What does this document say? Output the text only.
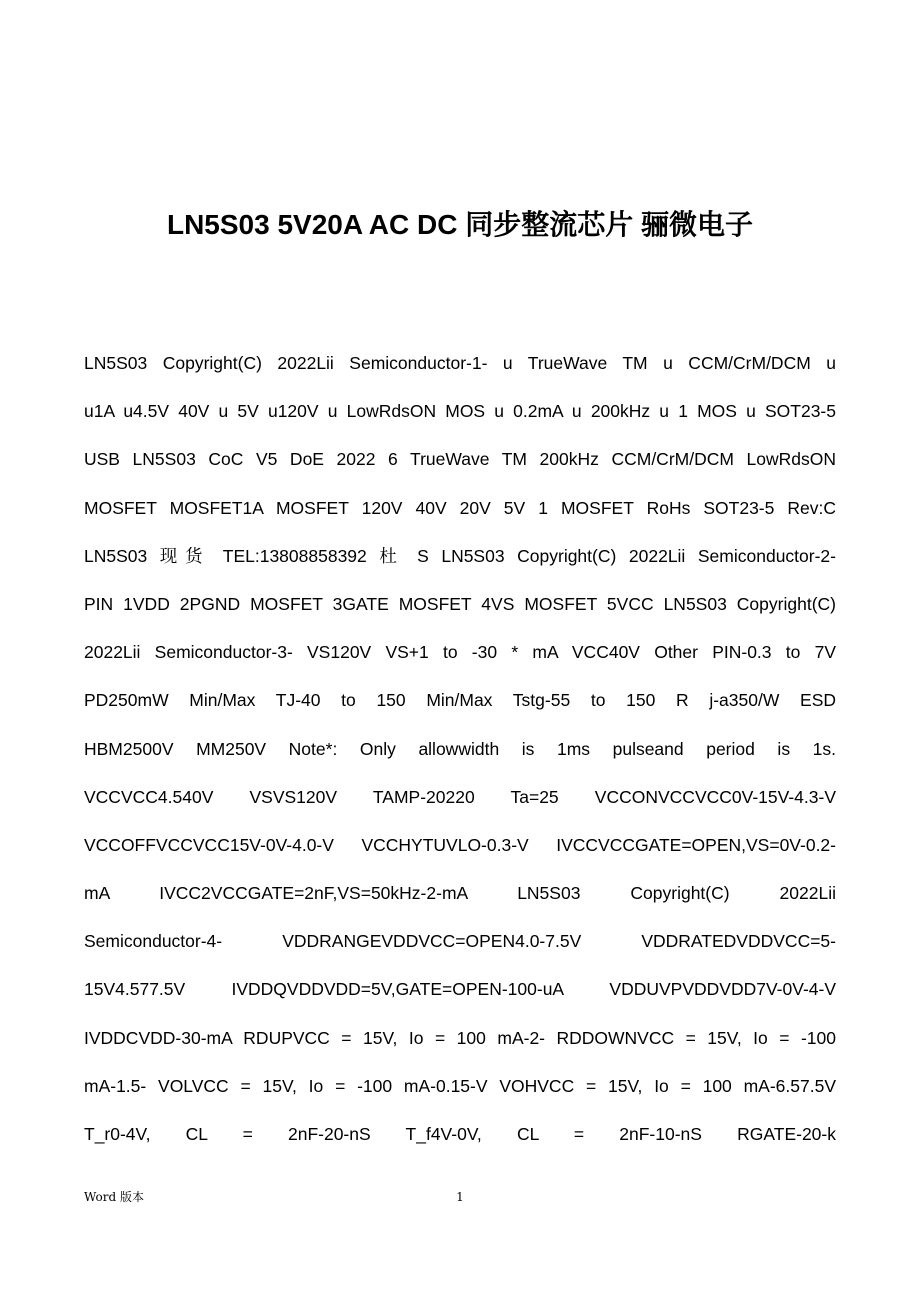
LN5S03 5V20A AC DC 同步整流芯片 骊微电子
LN5S03 Copyright(C) 2022Lii Semiconductor-1- u TrueWave TM u CCM/CrM/DCM u
u1A u4.5V 40V u 5V u120V u LowRdsON MOS u 0.2mA u 200kHz u 1 MOS u SOT23-5
USB LN5S03 CoC V5 DoE 2022 6 TrueWave TM 200kHz CCM/CrM/DCM LowRdsON
MOSFET MOSFET1A MOSFET 120V 40V 20V 5V 1 MOSFET RoHs SOT23-5 Rev:C
LN5S03 现货 TEL:13808858392 杜 S LN5S03 Copyright(C) 2022Lii Semiconductor-2-
PIN 1VDD 2PGND MOSFET 3GATE MOSFET 4VS MOSFET 5VCC LN5S03 Copyright(C)
2022Lii Semiconductor-3- VS120V VS+1 to -30 * mA VCC40V Other PIN-0.3 to 7V
PD250mW Min/Max TJ-40 to 150 Min/Max Tstg-55 to 150 R j-a350/W ESD
HBM2500V MM250V Note*: Only allowwidth is 1ms pulseand period is 1s.
VCCVCC4.540V VSVS120V TAMP-20220 Ta=25 VCCONVCCVCC0V-15V-4.3-V
VCCOFFVCCVCC15V-0V-4.0-V VCCHYTUVLO-0.3-V IVCCVCCGATE=OPEN,VS=0V-0.2-
mA IVCC2VCCGATE=2nF,VS=50kHz-2-mA LN5S03 Copyright(C) 2022Lii
Semiconductor-4- VDDRANGEVDDVCC=OPEN4.0-7.5V VDDRATEDVDDVCC=5-
15V4.577.5V IVDDQVDDVDD=5V,GATE=OPEN-100-uA VDDUVPVDDVDD7V-0V-4-V
IVDDCVDD-30-mA RDUPVCC = 15V, Io = 100 mA-2- RDDOWNVCC = 15V, Io = -100
mA-1.5- VOLVCC = 15V, Io = -100 mA-0.15-V VOHVCC = 15V, Io = 100 mA-6.57.5V
T_r0-4V, CL = 2nF-20-nS T_f4V-0V, CL = 2nF-10-nS RGATE-20-k
Word 版本	1
